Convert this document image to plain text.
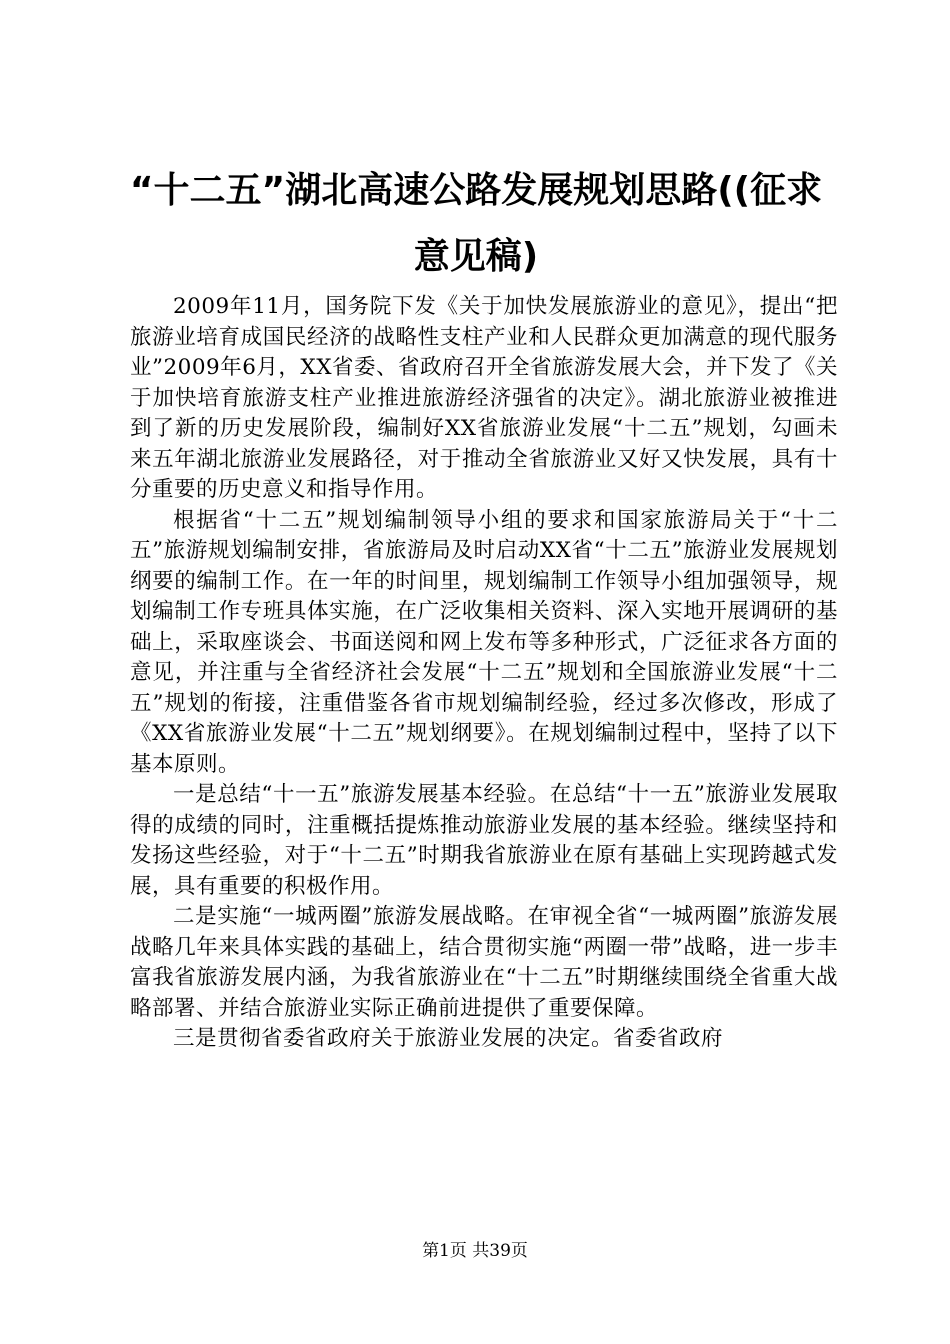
“十二五”湖北高速公路发展规划思路((征求
意见稿)

2009年11月，国务院下发《关于加快发展旅游业的意见》，提出“把旅游业培育成国民经济的战略性支柱产业和人民群众更加满意的现代服务业”2009年6月，XX省委、省政府召开全省旅游发展大会，并下发了《关于加快培育旅游支柱产业推进旅游经济强省的决定》。湖北旅游业被推进到了新的历史发展阶段，编制好XX省旅游业发展“十二五”规划，勾画未来五年湖北旅游业发展路径，对于推动全省旅游业又好又快发展，具有十分重要的历史意义和指导作用。

根据省“十二五”规划编制领导小组的要求和国家旅游局关于“十二五”旅游规划编制安排，省旅游局及时启动XX省“十二五”旅游业发展规划纲要的编制工作。在一年的时间里，规划编制工作领导小组加强领导，规划编制工作专班具体实施，在广泛收集相关资料、深入实地开展调研的基础上，采取座谈会、书面送阅和网上发布等多种形式，广泛征求各方面的意见，并注重与全省经济社会发展“十二五”规划和全国旅游业发展“十二五”规划的衔接，注重借鉴各省市规划编制经验，经过多次修改，形成了《XX省旅游业发展“十二五”规划纲要》。在规划编制过程中，坚持了以下基本原则。

一是总结“十一五”旅游发展基本经验。在总结“十一五”旅游业发展取得的成绩的同时，注重概括提炼推动旅游业发展的基本经验。继续坚持和发扬这些经验，对于“十二五”时期我省旅游业在原有基础上实现跨越式发展，具有重要的积极作用。

二是实施“一城两圈”旅游发展战略。在审视全省“一城两圈”旅游发展战略几年来具体实践的基础上，结合贯彻实施“两圈一带”战略，进一步丰富我省旅游发展内涵，为我省旅游业在“十二五”时期继续围绕全省重大战略部署、并结合旅游业实际正确前进提供了重要保障。

三是贯彻省委省政府关于旅游业发展的决定。省委省政府

第1页 共39页
